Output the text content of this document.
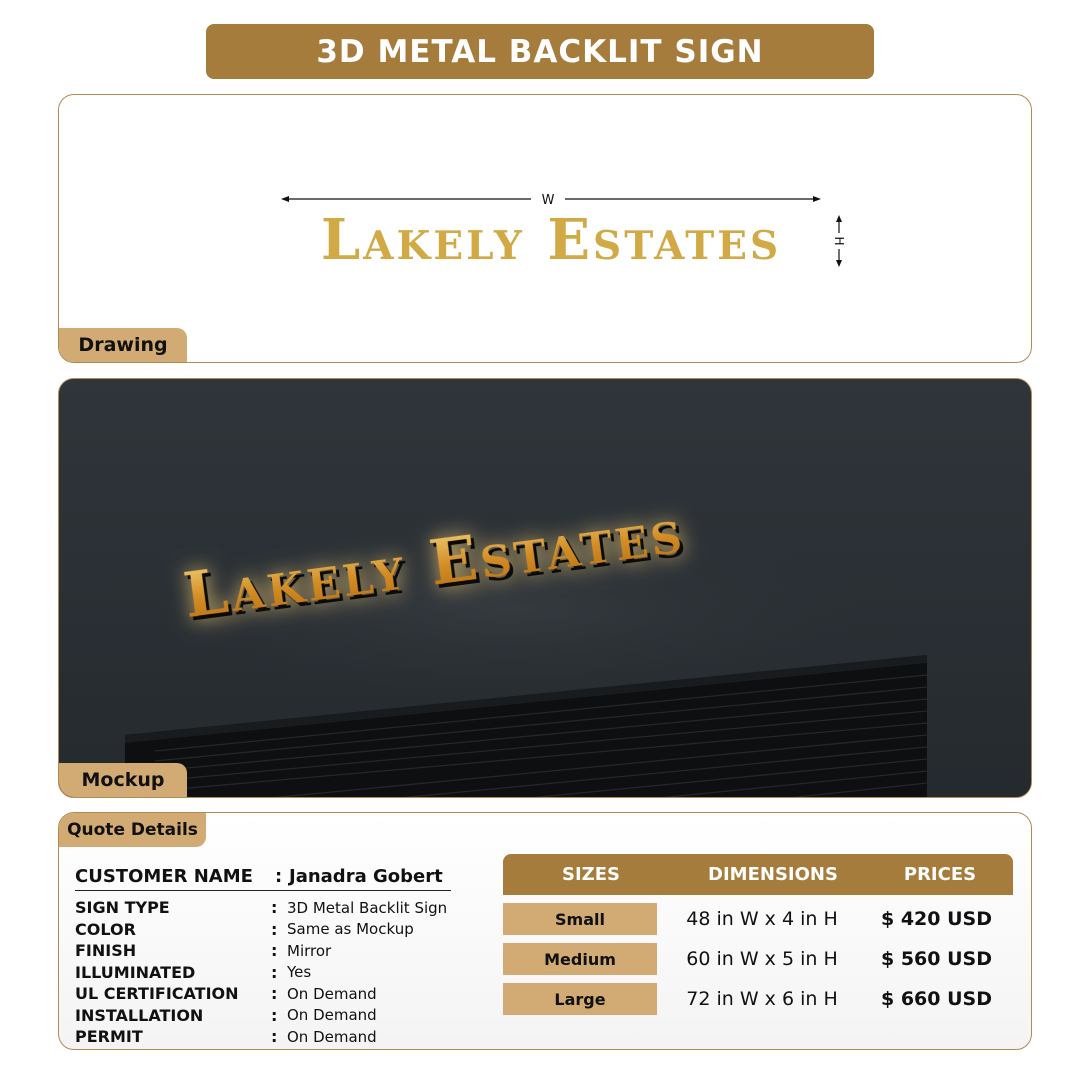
3D METAL BACKLIT SIGN
W
Lakely Estates	H
Drawing
Lakely Estates
Mockup
Quote Details
CUSTOMER NAME	: Janadra Gobert
SIGN TYPE	: 3D Metal Backlit Sign
COLOR	: Same as Mockup
FINISH	: Mirror
ILLUMINATED	: Yes
UL CERTIFICATION	: On Demand
INSTALLATION	: On Demand
PERMIT	: On Demand
SIZES	DIMENSIONS	PRICES
Small	48 in W x 4 in H	$ 420 USD
Medium	60 in W x 5 in H	$ 560 USD
Large	72 in W x 6 in H	$ 660 USD
